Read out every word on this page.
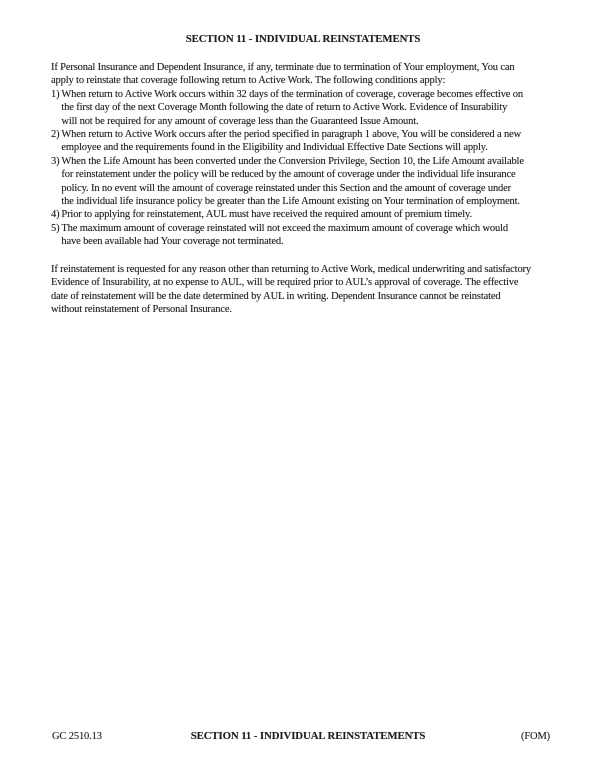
SECTION 11 - INDIVIDUAL REINSTATEMENTS
If Personal Insurance and Dependent Insurance, if any, terminate due to termination of Your employment, You can
apply to reinstate that coverage following return to Active Work. The following conditions apply:
1) When return to Active Work occurs within 32 days of the termination of coverage, coverage becomes effective on
the first day of the next Coverage Month following the date of return to Active Work. Evidence of Insurability
will not be required for any amount of coverage less than the Guaranteed Issue Amount.
2) When return to Active Work occurs after the period specified in paragraph 1 above, You will be considered a new
employee and the requirements found in the Eligibility and Individual Effective Date Sections will apply.
3) When the Life Amount has been converted under the Conversion Privilege, Section 10, the Life Amount available
for reinstatement under the policy will be reduced by the amount of coverage under the individual life insurance
policy. In no event will the amount of coverage reinstated under this Section and the amount of coverage under
the individual life insurance policy be greater than the Life Amount existing on Your termination of employment.
4) Prior to applying for reinstatement, AUL must have received the required amount of premium timely.
5) The maximum amount of coverage reinstated will not exceed the maximum amount of coverage which would
have been available had Your coverage not terminated.
If reinstatement is requested for any reason other than returning to Active Work, medical underwriting and satisfactory
Evidence of Insurability, at no expense to AUL, will be required prior to AUL’s approval of coverage. The effective
date of reinstatement will be the date determined by AUL in writing. Dependent Insurance cannot be reinstated
without reinstatement of Personal Insurance.
GC 2510.13	SECTION 11 - INDIVIDUAL REINSTATEMENTS	(FOM)
